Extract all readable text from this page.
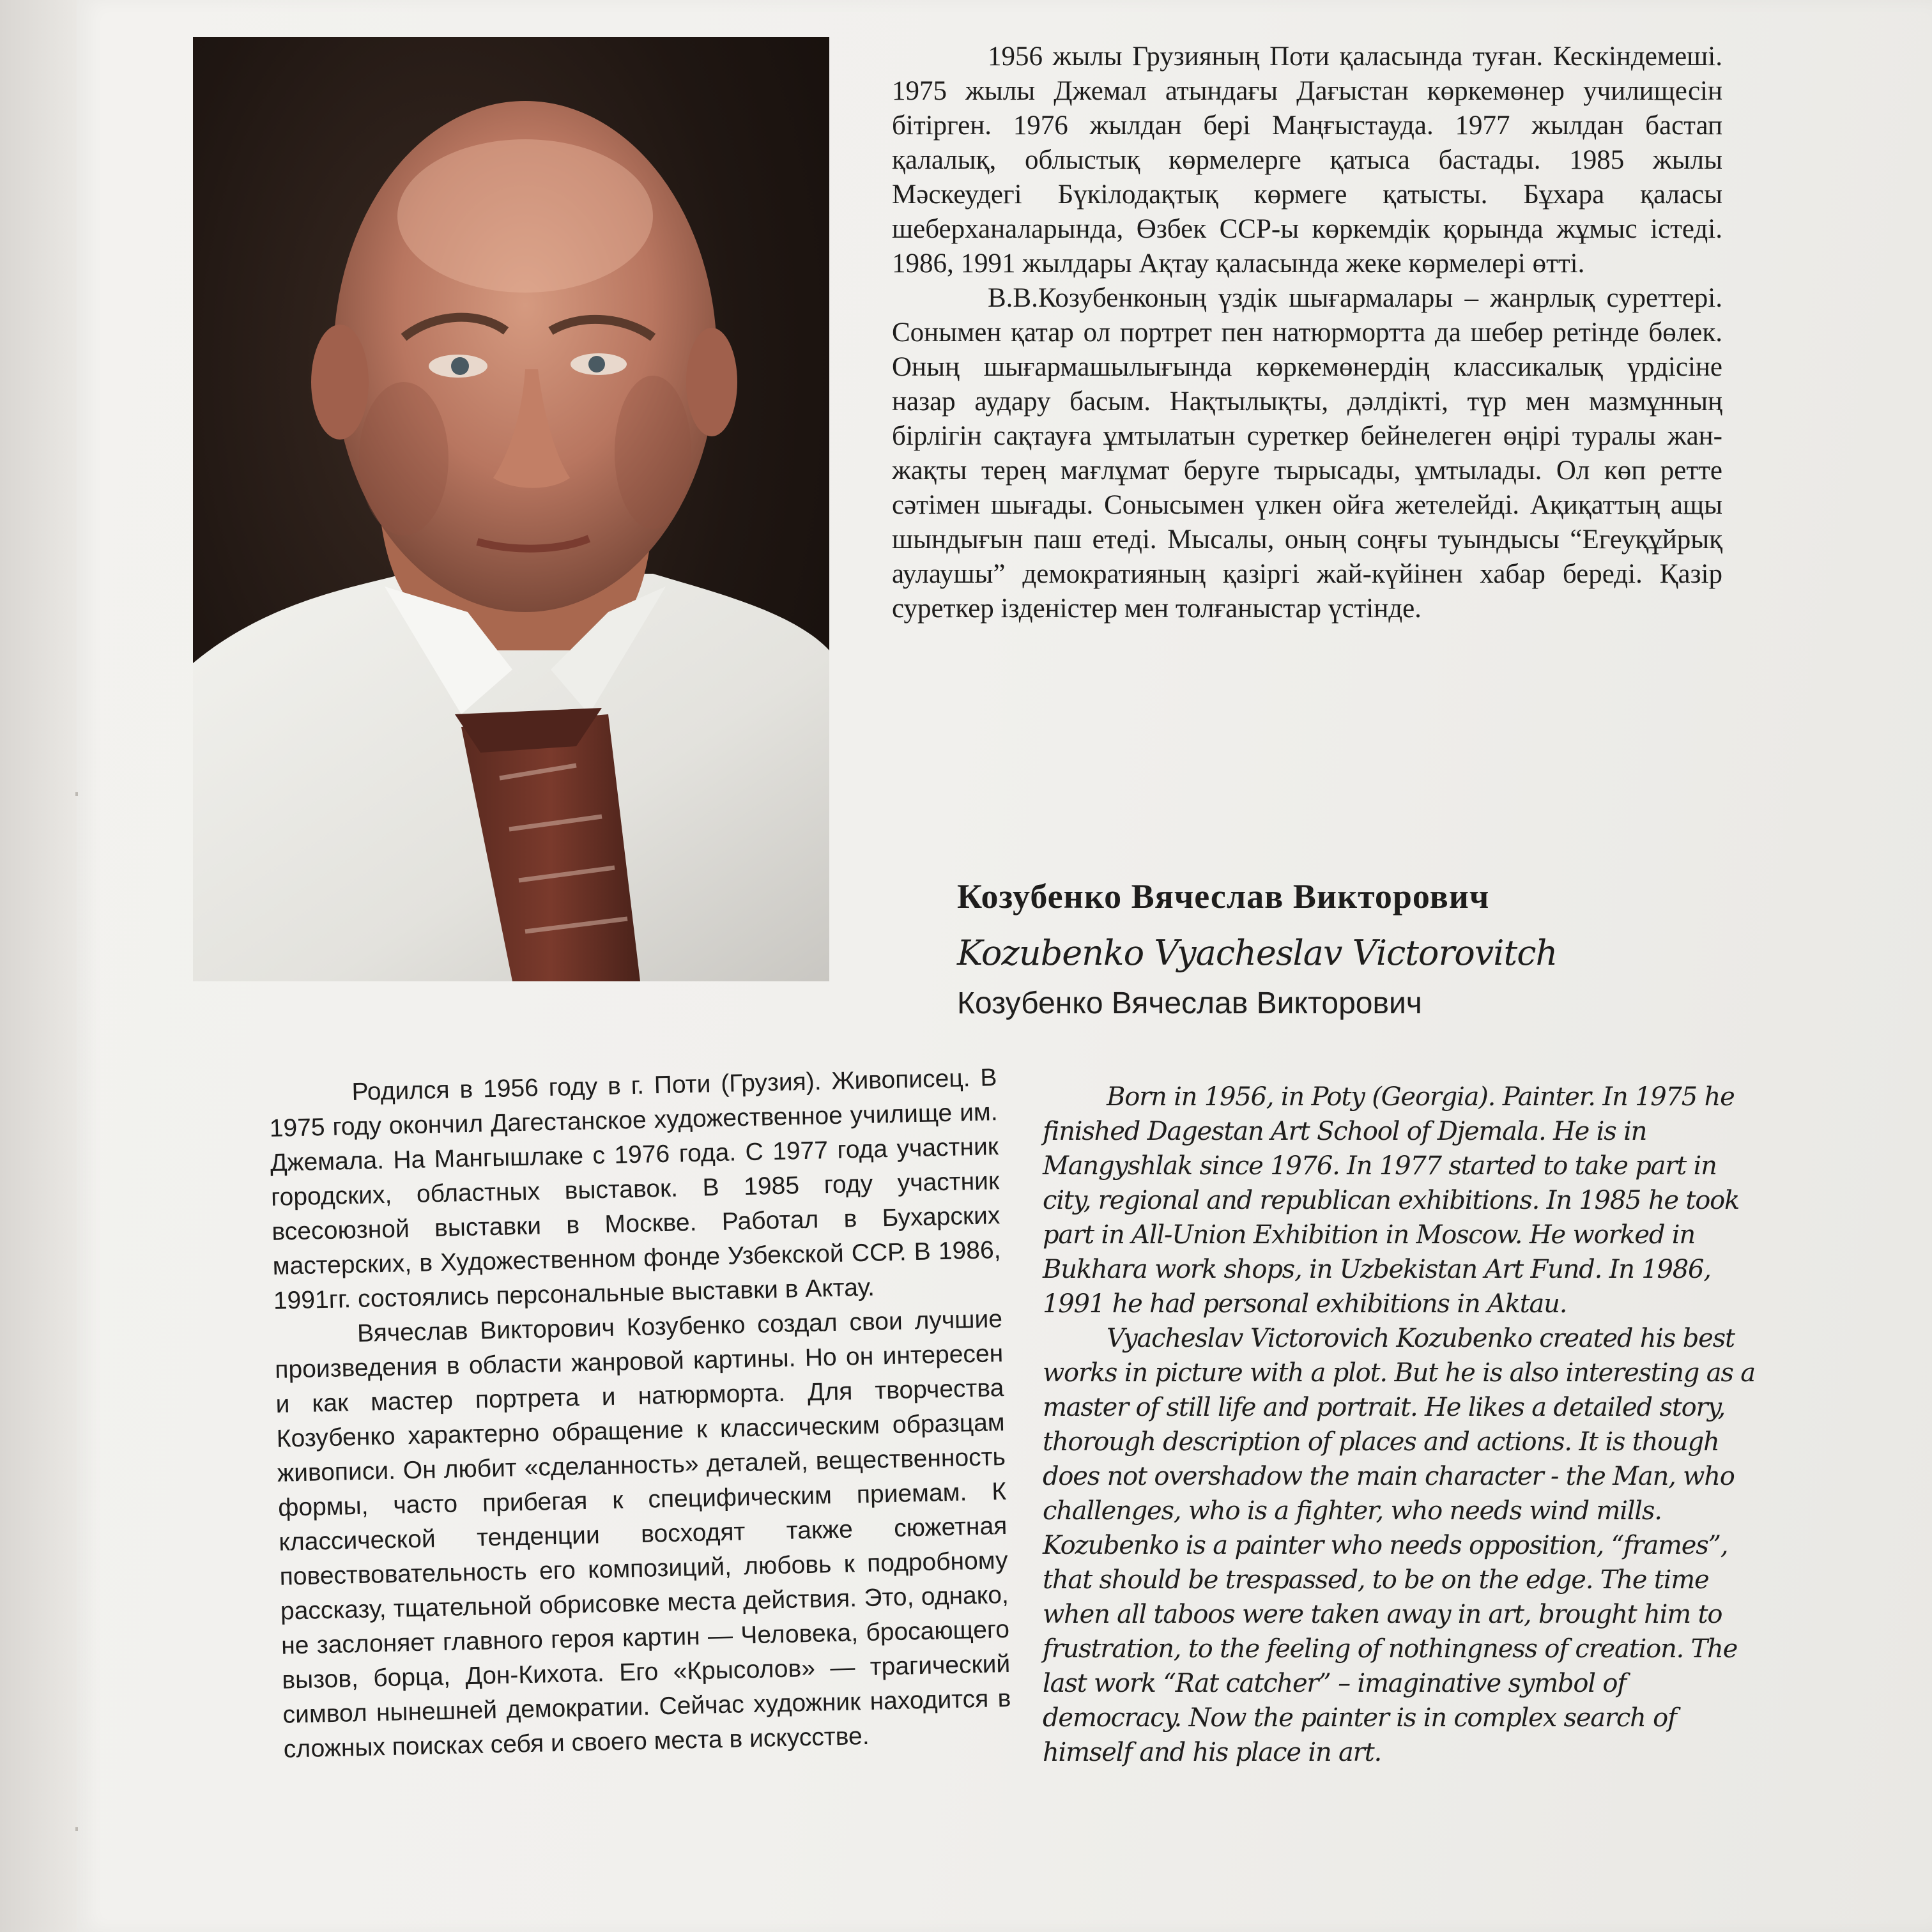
1956 жылы Грузияның Поти қаласында туған. Кескіндемеші. 1975 жылы Джемал атындағы Дағыстан көркемөнер училищесін бітірген. 1976 жылдан бері Маңғыстауда. 1977 жылдан бастап қалалық, облыстық көрмелерге қатыса бастады. 1985 жылы Мәскеудегі Бүкілодақтық көрмеге қатысты. Бұхара қаласы шеберханаларында, Өзбек ССР-ы көркемдік қорында жұмыс істеді. 1986, 1991 жылдары Ақтау қаласында жеке көрмелері өтті.

В.В.Козубенконың үздік шығармалары – жанрлық суреттері. Сонымен қатар ол портрет пен натюрмортта да шебер ретінде бөлек. Оның шығармашылығында көркемөнердің классикалық үрдісіне назар аудару басым. Нақтылықты, дәлдікті, түр мен мазмұнның бірлігін сақтауға ұмтылатын суреткер бейнелеген өңірі туралы жан-жақты терең мағлұмат беруге тырысады, ұмтылады. Ол көп ретте сәтімен шығады. Сонысымен үлкен ойға жетелейді. Ақиқаттың ащы шындығын паш етеді. Мысалы, оның соңғы туындысы “Егеуқұйрық аулаушы” демократияның қазіргі жай-күйінен хабар береді. Қазір суреткер ізденістер мен толғаныстар үстінде.

Козубенко Вячеслав Викторович
Kozubenko Vyacheslav Victorovitch
Козубенко Вячеслав Викторович

Родился в 1956 году в г. Поти (Грузия). Живописец. В 1975 году окончил Дагестанское художественное училище им. Джемала. На Мангышлаке с 1976 года. С 1977 года участник городских, областных выставок. В 1985 году участник всесоюзной выставки в Москве. Работал в Бухарских мастерских, в Художественном фонде Узбекской ССР. В 1986, 1991гг. состоялись персональные выставки в Актау.

Вячеслав Викторович Козубенко создал свои лучшие произведения в области жанровой картины. Но он интересен и как мастер портрета и натюрморта. Для творчества Козубенко характерно обращение к классическим образцам живописи. Он любит «сделанность» деталей, вещественность формы, часто прибегая к специфическим приемам. К классической тенденции восходят также сюжетная повествовательность его композиций, любовь к подробному рассказу, тщательной обрисовке места действия. Это, однако, не заслоняет главного героя картин — Человека, бросающего вызов, борца, Дон-Кихота. Его «Крысолов» — трагический символ нынешней демократии. Сейчас художник находится в сложных поисках себя и своего места в искусстве.

Born in 1956, in Poty (Georgia). Painter. In 1975 he finished Dagestan Art School of Djemala. He is in Mangyshlak since 1976. In 1977 started to take part in city, regional and republican exhibitions. In 1985 he took part in All-Union Exhibition in Moscow. He worked in Bukhara work shops, in Uzbekistan Art Fund. In 1986, 1991 he had personal exhibitions in Aktau.

Vyacheslav Victorovich Kozubenko created his best works in picture with a plot. But he is also interesting as a master of still life and portrait. He likes a detailed story, thorough description of places and actions. It is though does not overshadow the main character - the Man, who challenges, who is a fighter, who needs wind mills. Kozubenko is a painter who needs opposition, “frames”, that should be trespassed, to be on the edge. The time when all taboos were taken away in art, brought him to frustration, to the feeling of nothingness of creation. The last work “Rat catcher” – imaginative symbol of democracy. Now the painter is in complex search of himself and his place in art.
